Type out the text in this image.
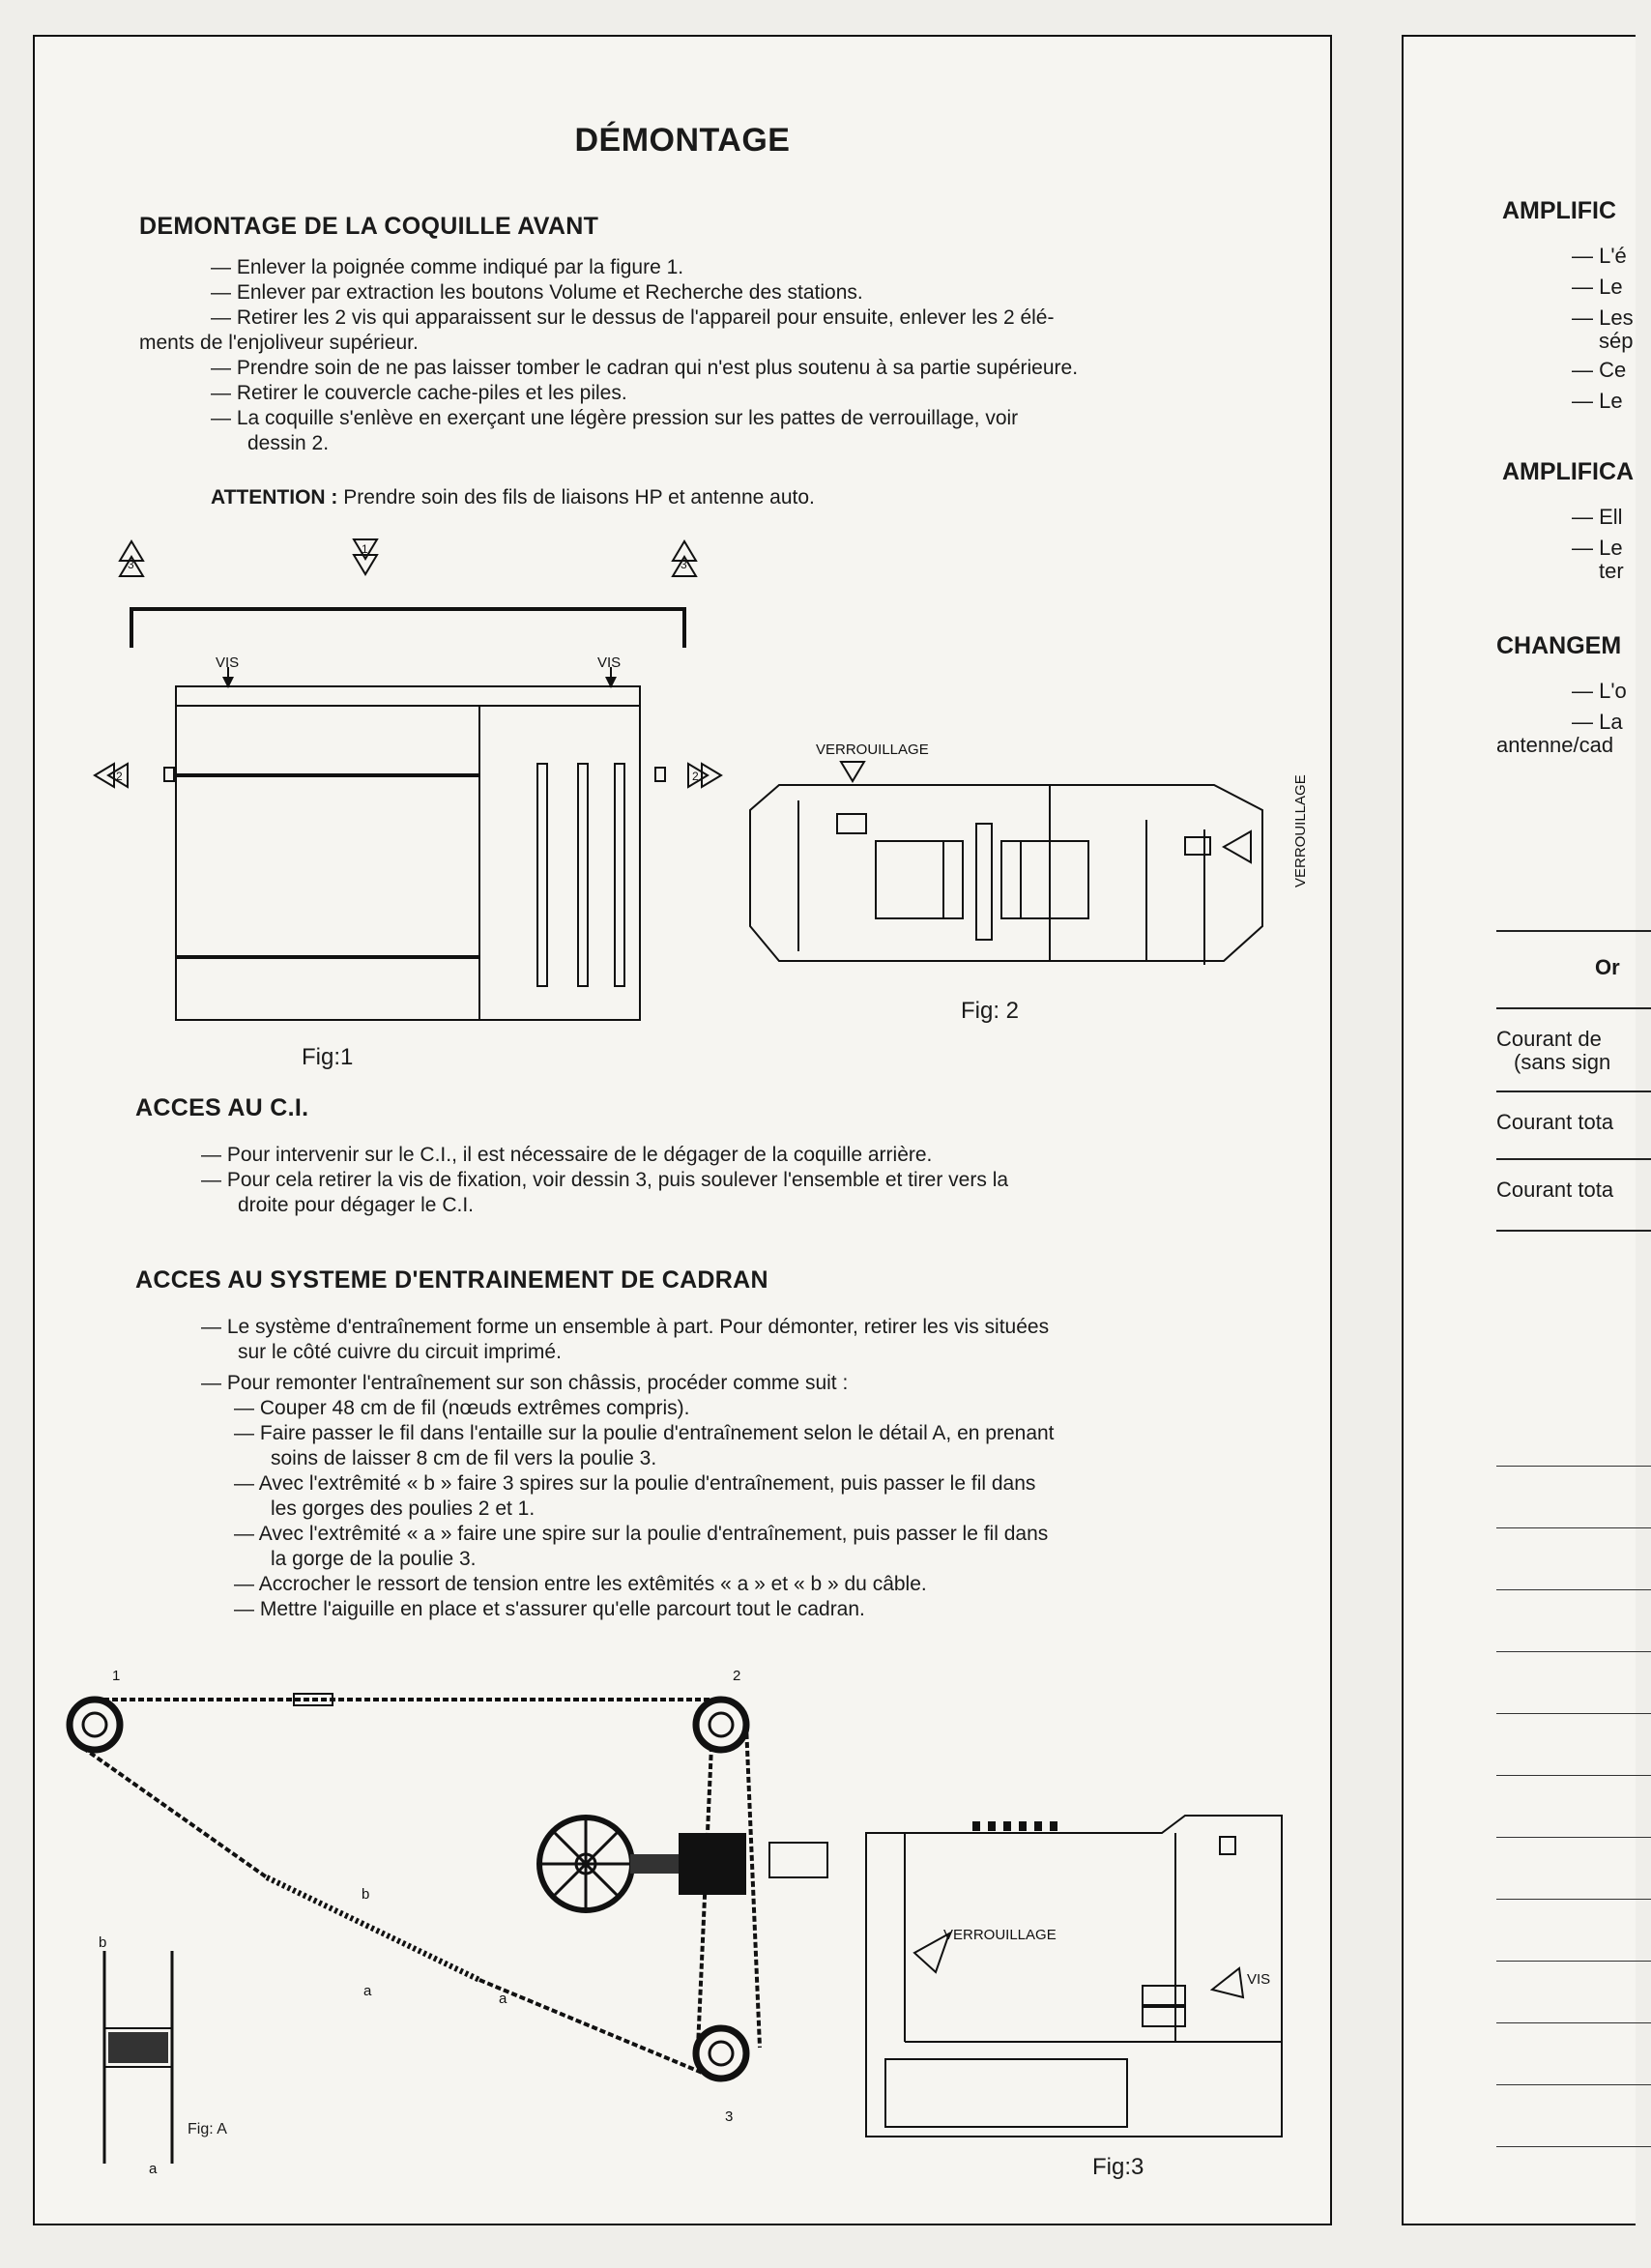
DÉMONTAGE
DEMONTAGE DE LA COQUILLE AVANT
— Enlever la poignée comme indiqué par la figure 1.
— Enlever par extraction les boutons Volume et Recherche des stations.
— Retirer les 2 vis qui apparaissent sur le dessus de l'appareil pour ensuite, enlever les 2 élé-
ments de l'enjoliveur supérieur.
— Prendre soin de ne pas laisser tomber le cadran qui n'est plus soutenu à sa partie supérieure.
— Retirer le couvercle cache-piles et les piles.
— La coquille s'enlève en exerçant une légère pression sur les pattes de verrouillage, voir
dessin 2.
ATTENTION : Prendre soin des fils de liaisons HP et antenne auto.
VIS	VIS
3	3
1
2	2
Fig:1
VERROUILLAGE
VERROUILLAGE
Fig: 2
ACCES AU C.I.
— Pour intervenir sur le C.I., il est nécessaire de le dégager de la coquille arrière.
— Pour cela retirer la vis de fixation, voir dessin 3, puis soulever l'ensemble et tirer vers la
droite pour dégager le C.I.
ACCES AU SYSTEME D'ENTRAINEMENT DE CADRAN
— Le système d'entraînement forme un ensemble à part. Pour démonter, retirer les vis situées
sur le côté cuivre du circuit imprimé.
— Pour remonter l'entraînement sur son châssis, procéder comme suit :
— Couper 48 cm de fil (nœuds extrêmes compris).
— Faire passer le fil dans l'entaille sur la poulie d'entraînement selon le détail A, en prenant
soins de laisser 8 cm de fil vers la poulie 3.
— Avec l'extrêmité « b » faire 3 spires sur la poulie d'entraînement, puis passer le fil dans
les gorges des poulies 2 et 1.
— Avec l'extrêmité « a » faire une spire sur la poulie d'entraînement, puis passer le fil dans
la gorge de la poulie 3.
— Accrocher le ressort de tension entre les extêmités « a » et « b » du câble.
— Mettre l'aiguille en place et s'assurer qu'elle parcourt tout le cadran.
1	2
3
a	a
b
b
a
Fig: A
VERROUILLAGE
VIS
Fig:3
AMPLIFIC
— L'é
— Le
— Les
sép
— Ce
— Le
AMPLIFICA
— Ell
— Le
ter
CHANGEM
— L'o
— La
antenne/cad
Or
Courant de
(sans sign
Courant tota
Courant tota
